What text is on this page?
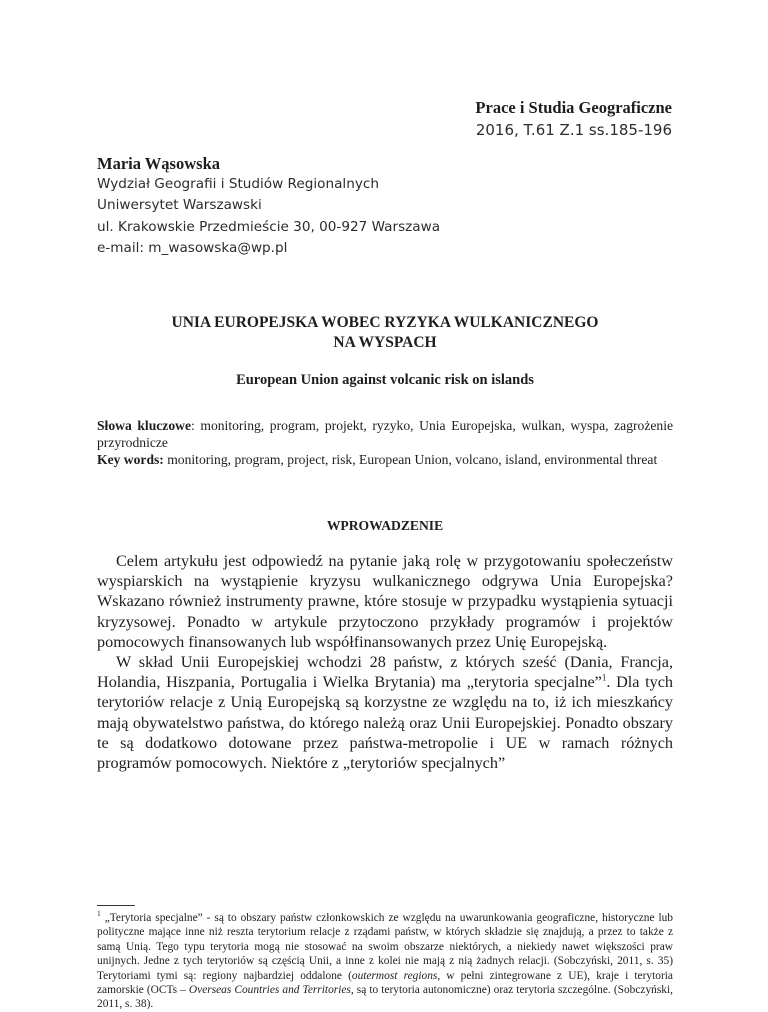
Prace i Studia Geograficzne
2016, T.61 Z.1 ss.185-196
Maria Wąsowska
Wydział Geografii i Studiów Regionalnych
Uniwersytet Warszawski
ul. Krakowskie Przedmieście 30, 00-927 Warszawa
e-mail: m_wasowska@wp.pl
UNIA EUROPEJSKA WOBEC RYZYKA WULKANICZNEGO
NA WYSPACH
European Union against volcanic risk on islands
Słowa kluczowe: monitoring, program, projekt, ryzyko, Unia Europejska, wulkan, wyspa, zagrożenie przyrodnicze
Key words: monitoring, program, project, risk, European Union, volcano, island, environmental threat
WPROWADZENIE

Celem artykułu jest odpowiedź na pytanie jaką rolę w przygotowaniu społeczeństw wyspiarskich na wystąpienie kryzysu wulkanicznego odgrywa Unia Europejska? Wskazano również instrumenty prawne, które stosuje w przypadku wystąpienia sytuacji kryzysowej. Ponadto w artykule przytoczono przykłady programów i projektów pomocowych finansowanych lub współfinansowanych przez Unię Europejską.

W skład Unii Europejskiej wchodzi 28 państw, z których sześć (Dania, Francja, Holandia, Hiszpania, Portugalia i Wielka Brytania) ma „terytoria specjalne”$^1$. Dla tych terytoriów relacje z Unią Europejską są korzystne ze względu na to, iż ich mieszkańcy mają obywatelstwo państwa, do którego należą oraz Unii Europejskiej. Ponadto obszary te są dodatkowo dotowane przez państwa-metropolie i UE w ramach różnych programów pomocowych. Niektóre z „terytoriów specjalnych”

$^1$ „Terytoria specjalne” - są to obszary państw członkowskich ze względu na uwarunkowania geograficzne, historyczne lub polityczne mające inne niż reszta terytorium relacje z rządami państw, w których składzie się znajdują, a przez to także z samą Unią. Tego typu terytoria mogą nie stosować na swoim obszarze niektórych, a niekiedy nawet większości praw unijnych. Jedne z tych terytoriów są częścią Unii, a inne z kolei nie mają z nią żadnych relacji. (Sobczyński, 2011, s. 35) Terytoriami tymi są: regiony najbardziej oddalone (outermost regions, w pełni zintegrowane z UE), kraje i terytoria zamorskie (OCTs – Overseas Countries and Territories, są to terytoria autonomiczne) oraz terytoria szczególne. (Sobczyński, 2011, s. 38).
